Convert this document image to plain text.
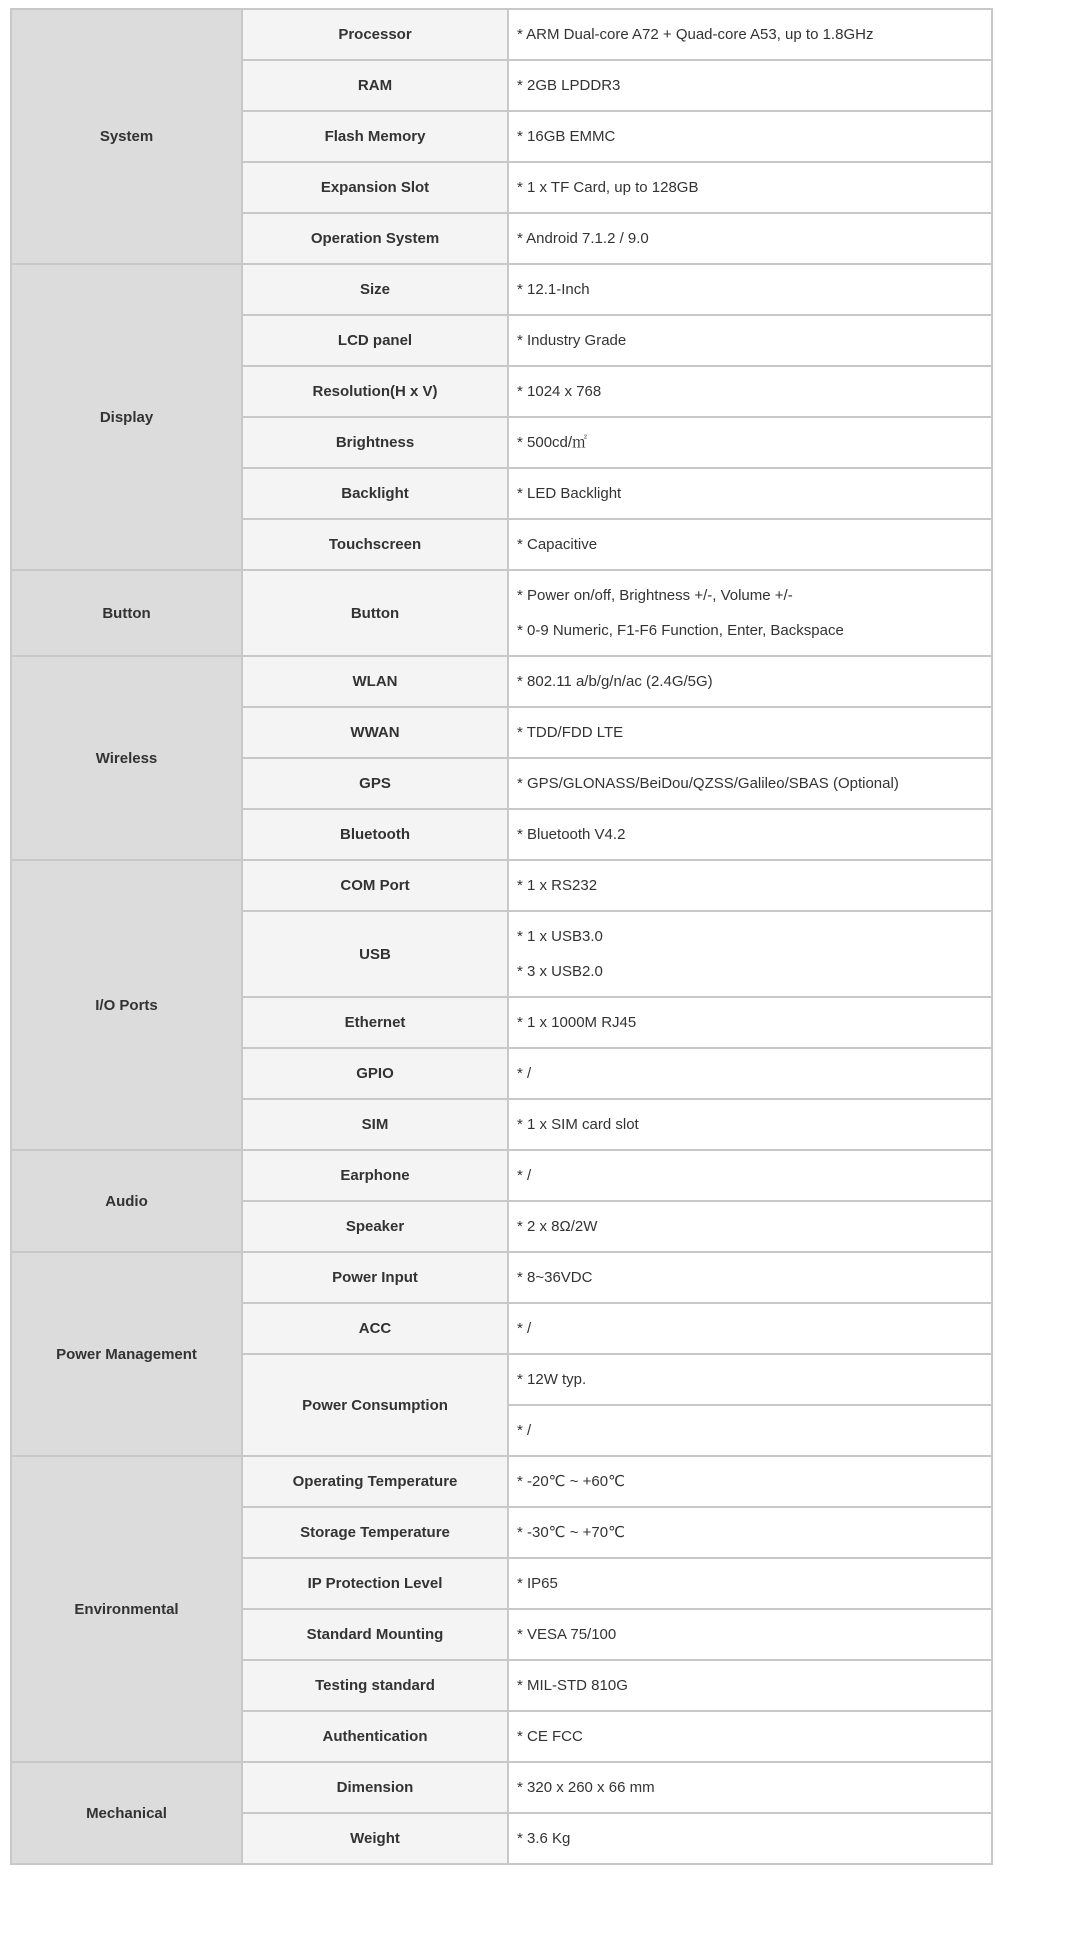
System	Processor	* ARM Dual-core A72 + Quad-core A53, up to 1.8GHz

	RAM	* 2GB LPDDR3

	Flash Memory	* 16GB EMMC

	Expansion Slot	* 1 x TF Card, up to 128GB

	Operation System	* Android 7.1.2 / 9.0

Display	Size	* 12.1-Inch

	LCD panel	* Industry Grade

	Resolution(H x V)	* 1024 x 768

	Brightness	* 500cd/㎡

	Backlight	* LED Backlight

	Touchscreen	* Capacitive

Button	Button	* Power on/off, Brightness +/-, Volume +/-
* 0-9 Numeric, F1-F6 Function, Enter, Backspace

Wireless	WLAN	* 802.11 a/b/g/n/ac (2.4G/5G)

	WWAN	* TDD/FDD LTE

	GPS	* GPS/GLONASS/BeiDou/QZSS/Galileo/SBAS (Optional)

	Bluetooth	* Bluetooth V4.2

I/O Ports	COM Port	* 1 x RS232

	USB	* 1 x USB3.0
* 3 x USB2.0

	Ethernet	* 1 x 1000M RJ45

	GPIO	* /

	SIM	* 1 x SIM card slot

Audio	Earphone	* /

	Speaker	* 2 x 8Ω/2W

Power Management	Power Input	* 8~36VDC

	ACC	* /

	Power Consumption	* 12W typ.

		* /

Environmental	Operating Temperature	* -20℃ ~ +60℃

	Storage Temperature	* -30℃ ~ +70℃

	IP Protection Level	* IP65

	Standard Mounting	* VESA 75/100

	Testing standard	* MIL-STD 810G

	Authentication	* CE FCC

Mechanical	Dimension	* 320 x 260 x 66 mm

	Weight	* 3.6 Kg
